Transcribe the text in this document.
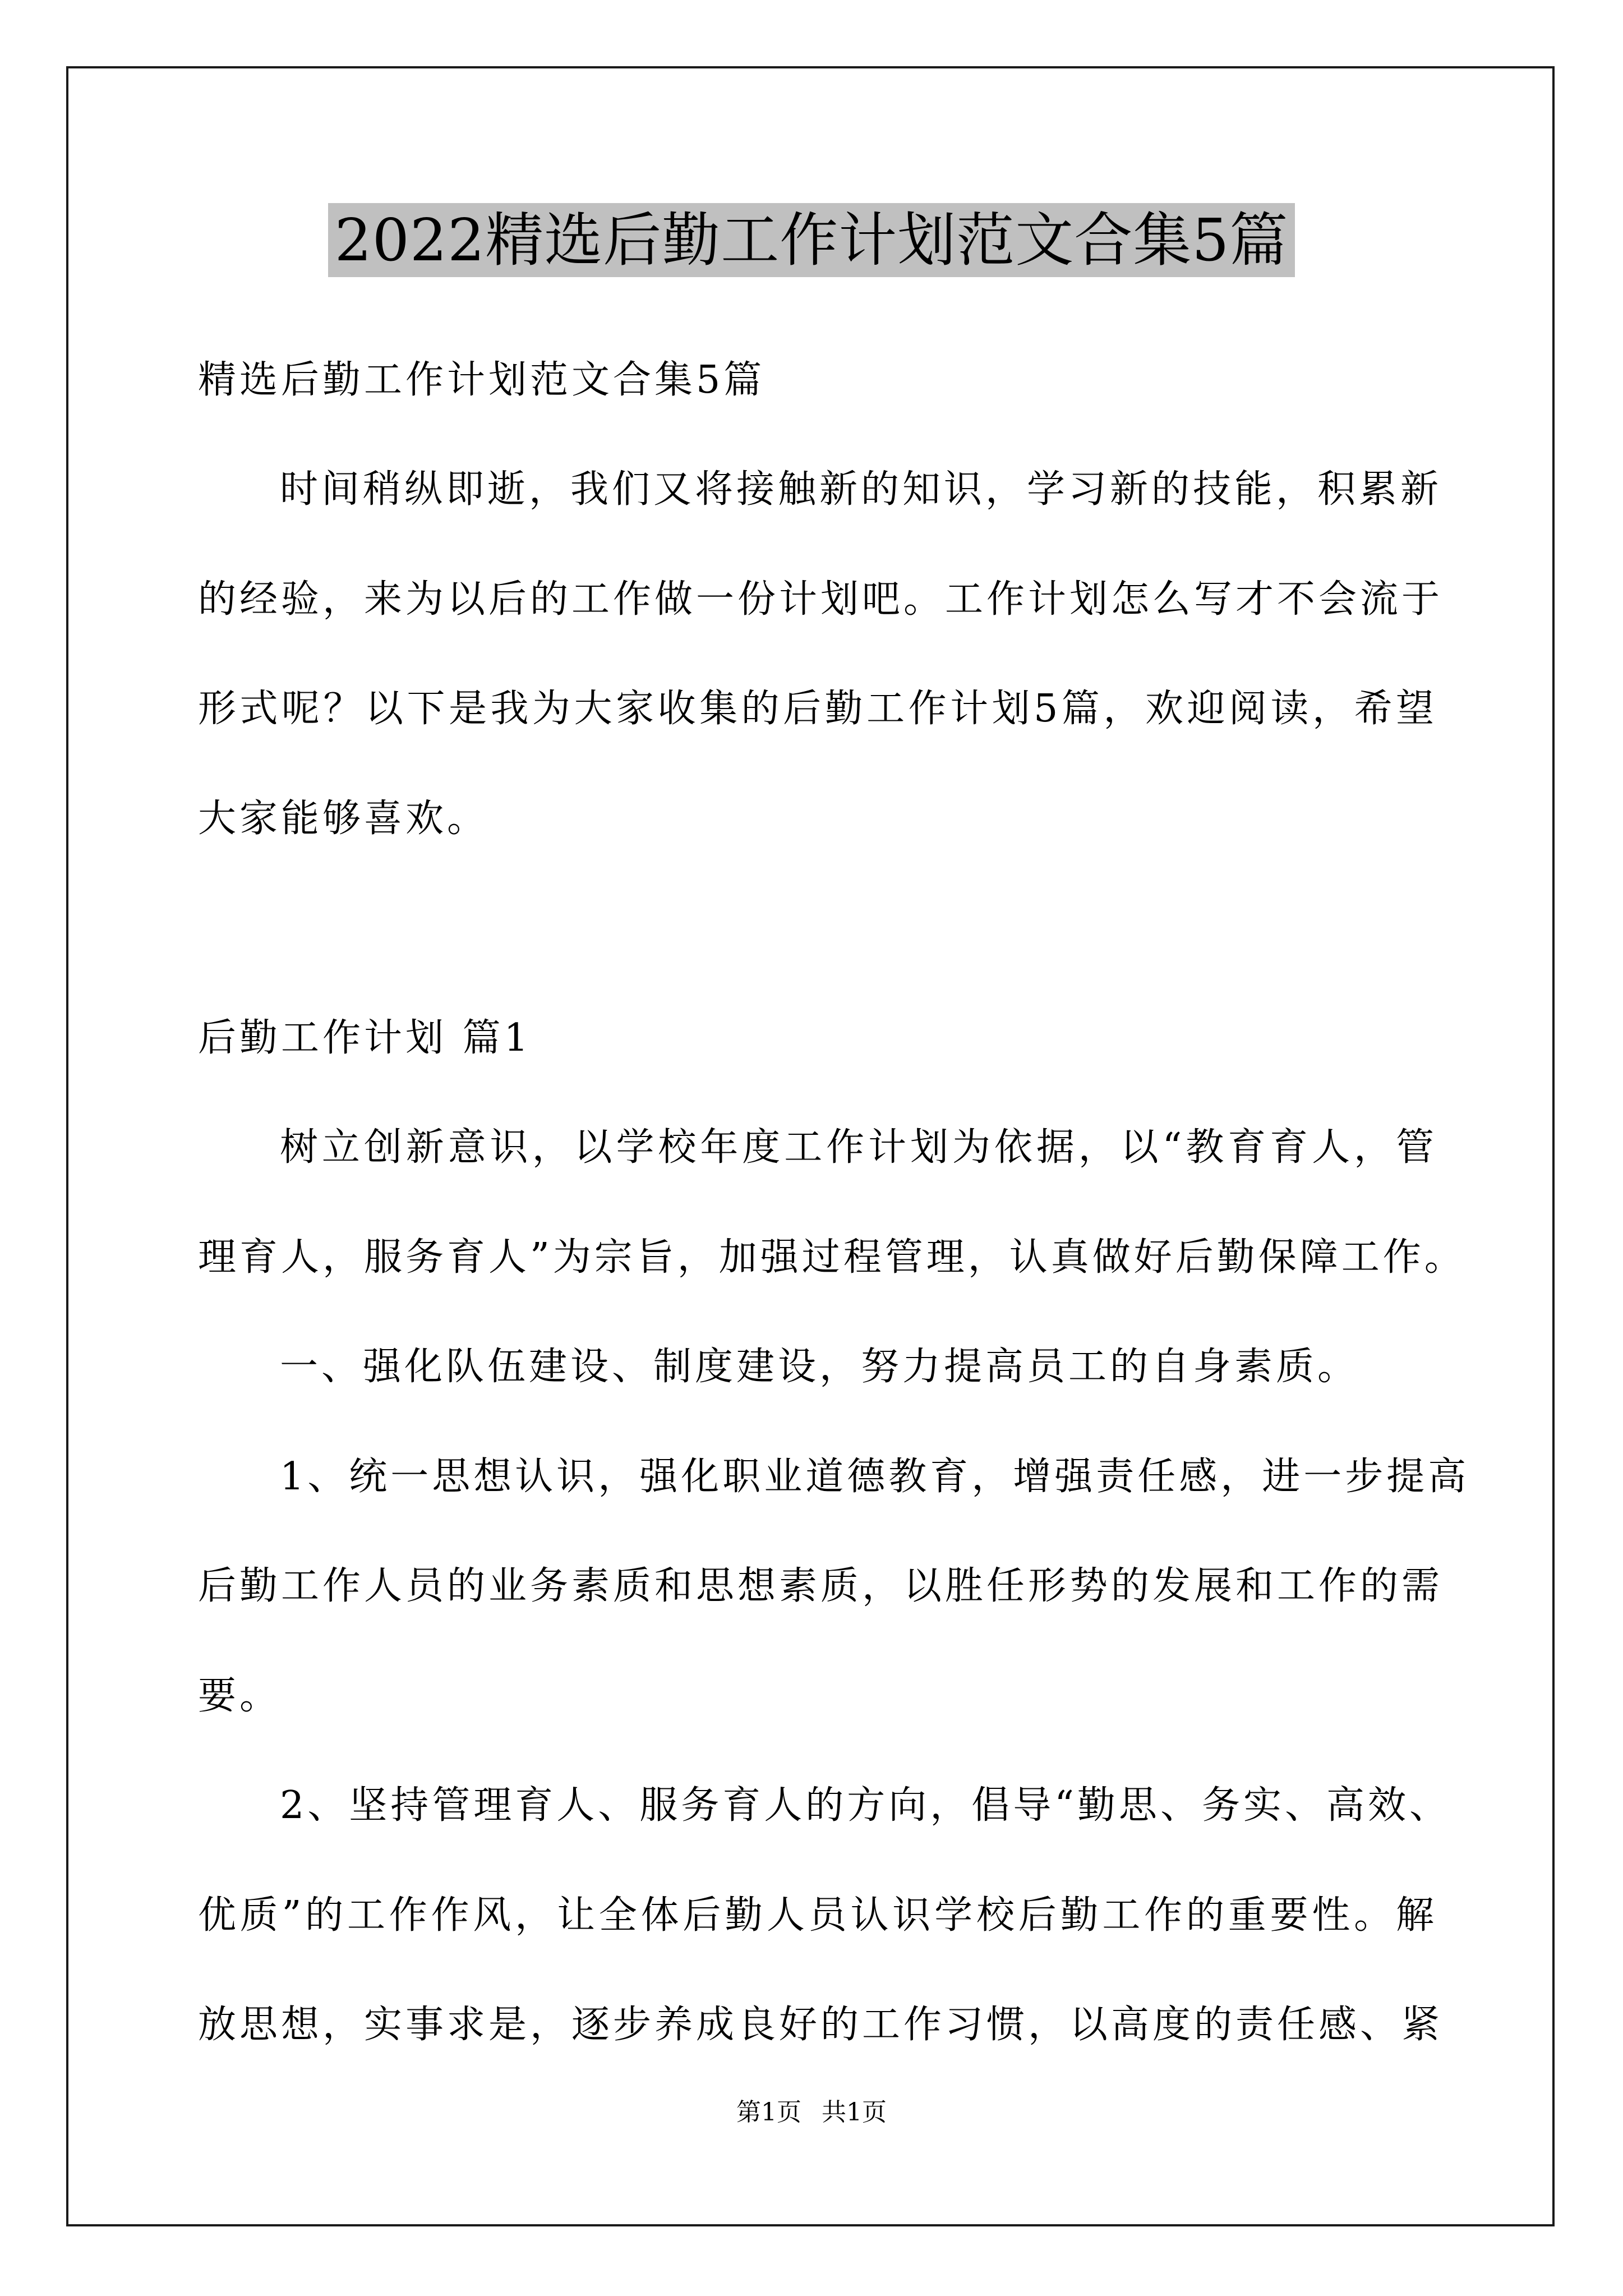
2022精选后勤工作计划范文合集5篇
精选后勤工作计划范文合集5篇
时间稍纵即逝，我们又将接触新的知识，学习新的技能，积累新
的经验，来为以后的工作做一份计划吧。工作计划怎么写才不会流于
形式呢？以下是我为大家收集的后勤工作计划5篇，欢迎阅读，希望
大家能够喜欢。
后勤工作计划 篇1
树立创新意识，以学校年度工作计划为依据，以“教育育人，管
理育人，服务育人”为宗旨，加强过程管理，认真做好后勤保障工作。
一、强化队伍建设、制度建设，努力提高员工的自身素质。
1、统一思想认识，强化职业道德教育，增强责任感，进一步提高
后勤工作人员的业务素质和思想素质，以胜任形势的发展和工作的需
要。
2、坚持管理育人、服务育人的方向，倡导“勤思、务实、高效、
优质”的工作作风，让全体后勤人员认识学校后勤工作的重要性。解
放思想，实事求是，逐步养成良好的工作习惯，以高度的责任感、紧
第1页 共1页
